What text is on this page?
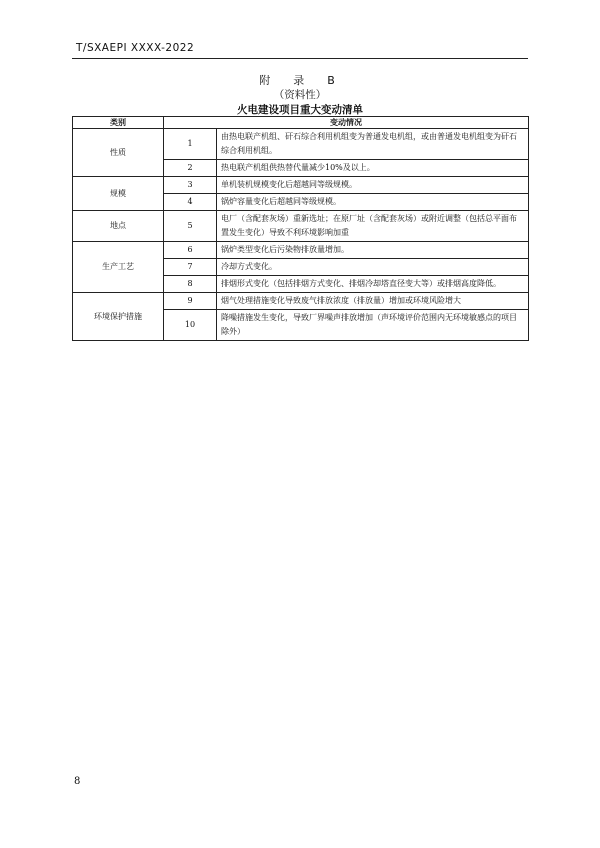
T/SXAEPI XXXX-2022
附　录　B
（资料性）
火电建设项目重大变动清单
类别	变动情况	
性质	1	由热电联产机组、矸石综合利用机组变为普通发电机组，或由普通发电机组变为矸石综合利用机组。
	2	热电联产机组供热替代量减少10%及以上。
规模	3	单机装机规模变化后超越同等级规模。
	4	锅炉容量变化后超越同等级规模。
地点	5	电厂（含配套灰场）重新选址；在原厂址（含配套灰场）或附近调整（包括总平面布置发生变化）导致不利环境影响加重
生产工艺	6	锅炉类型变化后污染物排放量增加。
	7	冷却方式变化。
	8	排烟形式变化（包括排烟方式变化、排烟冷却塔直径变大等）或排烟高度降低。
环境保护措施	9	烟气处理措施变化导致废气排放浓度（排放量）增加或环境风险增大
	10	降噪措施发生变化，导致厂界噪声排放增加（声环境评价范围内无环境敏感点的项目除外）
8
